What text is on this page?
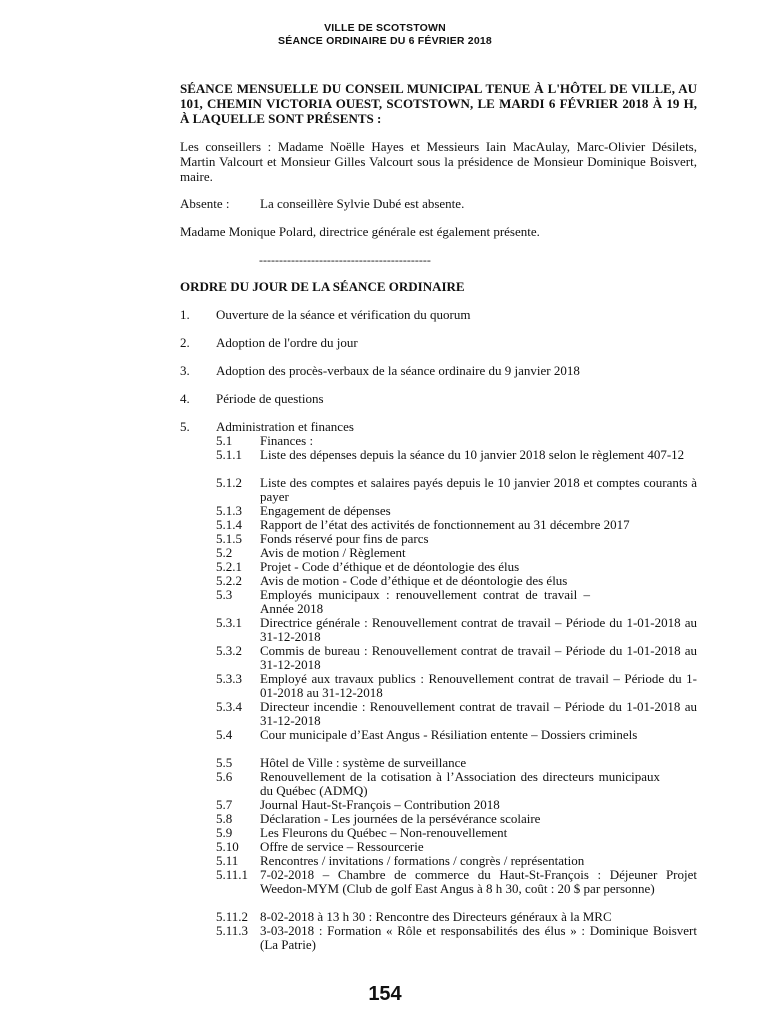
VILLE DE SCOTSTOWN
SÉANCE ORDINAIRE DU 6 FÉVRIER 2018
SÉANCE MENSUELLE DU CONSEIL MUNICIPAL TENUE À L'HÔTEL DE VILLE, AU 101, CHEMIN VICTORIA OUEST, SCOTSTOWN, LE MARDI 6 FÉVRIER 2018 À 19 H, À LAQUELLE SONT PRÉSENTS :
Les conseillers : Madame Noëlle Hayes et Messieurs Iain MacAulay, Marc-Olivier Désilets, Martin Valcourt et Monsieur Gilles Valcourt sous la présidence de Monsieur Dominique Boisvert, maire.
Absente : La conseillère Sylvie Dubé est absente.
Madame Monique Polard, directrice générale est également présente.
-------------------------------------------
ORDRE DU JOUR DE LA SÉANCE ORDINAIRE
1. Ouverture de la séance et vérification du quorum
2. Adoption de l'ordre du jour
3. Adoption des procès-verbaux de la séance ordinaire du 9 janvier 2018
4. Période de questions
5. Administration et finances
5.1 Finances :
5.1.1 Liste des dépenses depuis la séance du 10 janvier 2018 selon le règlement 407-12
5.1.2 Liste des comptes et salaires payés depuis le 10 janvier 2018 et comptes courants à payer
5.1.3 Engagement de dépenses
5.1.4 Rapport de l’état des activités de fonctionnement au 31 décembre 2017
5.1.5 Fonds réservé pour fins de parcs
5.2 Avis de motion / Règlement
5.2.1 Projet - Code d’éthique et de déontologie des élus
5.2.2 Avis de motion - Code d’éthique et de déontologie des élus
5.3 Employés municipaux : renouvellement contrat de travail – Année 2018
5.3.1 Directrice générale : Renouvellement contrat de travail – Période du 1-01-2018 au 31-12-2018
5.3.2 Commis de bureau : Renouvellement contrat de travail – Période du 1-01-2018 au 31-12-2018
5.3.3 Employé aux travaux publics : Renouvellement contrat de travail – Période du 1-01-2018 au 31-12-2018
5.3.4 Directeur incendie : Renouvellement contrat de travail – Période du 1-01-2018 au 31-12-2018
5.4 Cour municipale d’East Angus - Résiliation entente – Dossiers criminels
5.5 Hôtel de Ville : système de surveillance
5.6 Renouvellement de la cotisation à l’Association des directeurs municipaux du Québec (ADMQ)
5.7 Journal Haut-St-François – Contribution 2018
5.8 Déclaration - Les journées de la persévérance scolaire
5.9 Les Fleurons du Québec – Non-renouvellement
5.10 Offre de service – Ressourcerie
5.11 Rencontres / invitations / formations / congrès / représentation
5.11.1 7-02-2018 – Chambre de commerce du Haut-St-François : Déjeuner Projet Weedon-MYM (Club de golf East Angus à 8 h 30, coût : 20 $ par personne)
5.11.2 8-02-2018 à 13 h 30 : Rencontre des Directeurs généraux à la MRC
5.11.3 3-03-2018 : Formation « Rôle et responsabilités des élus » : Dominique Boisvert (La Patrie)
154
